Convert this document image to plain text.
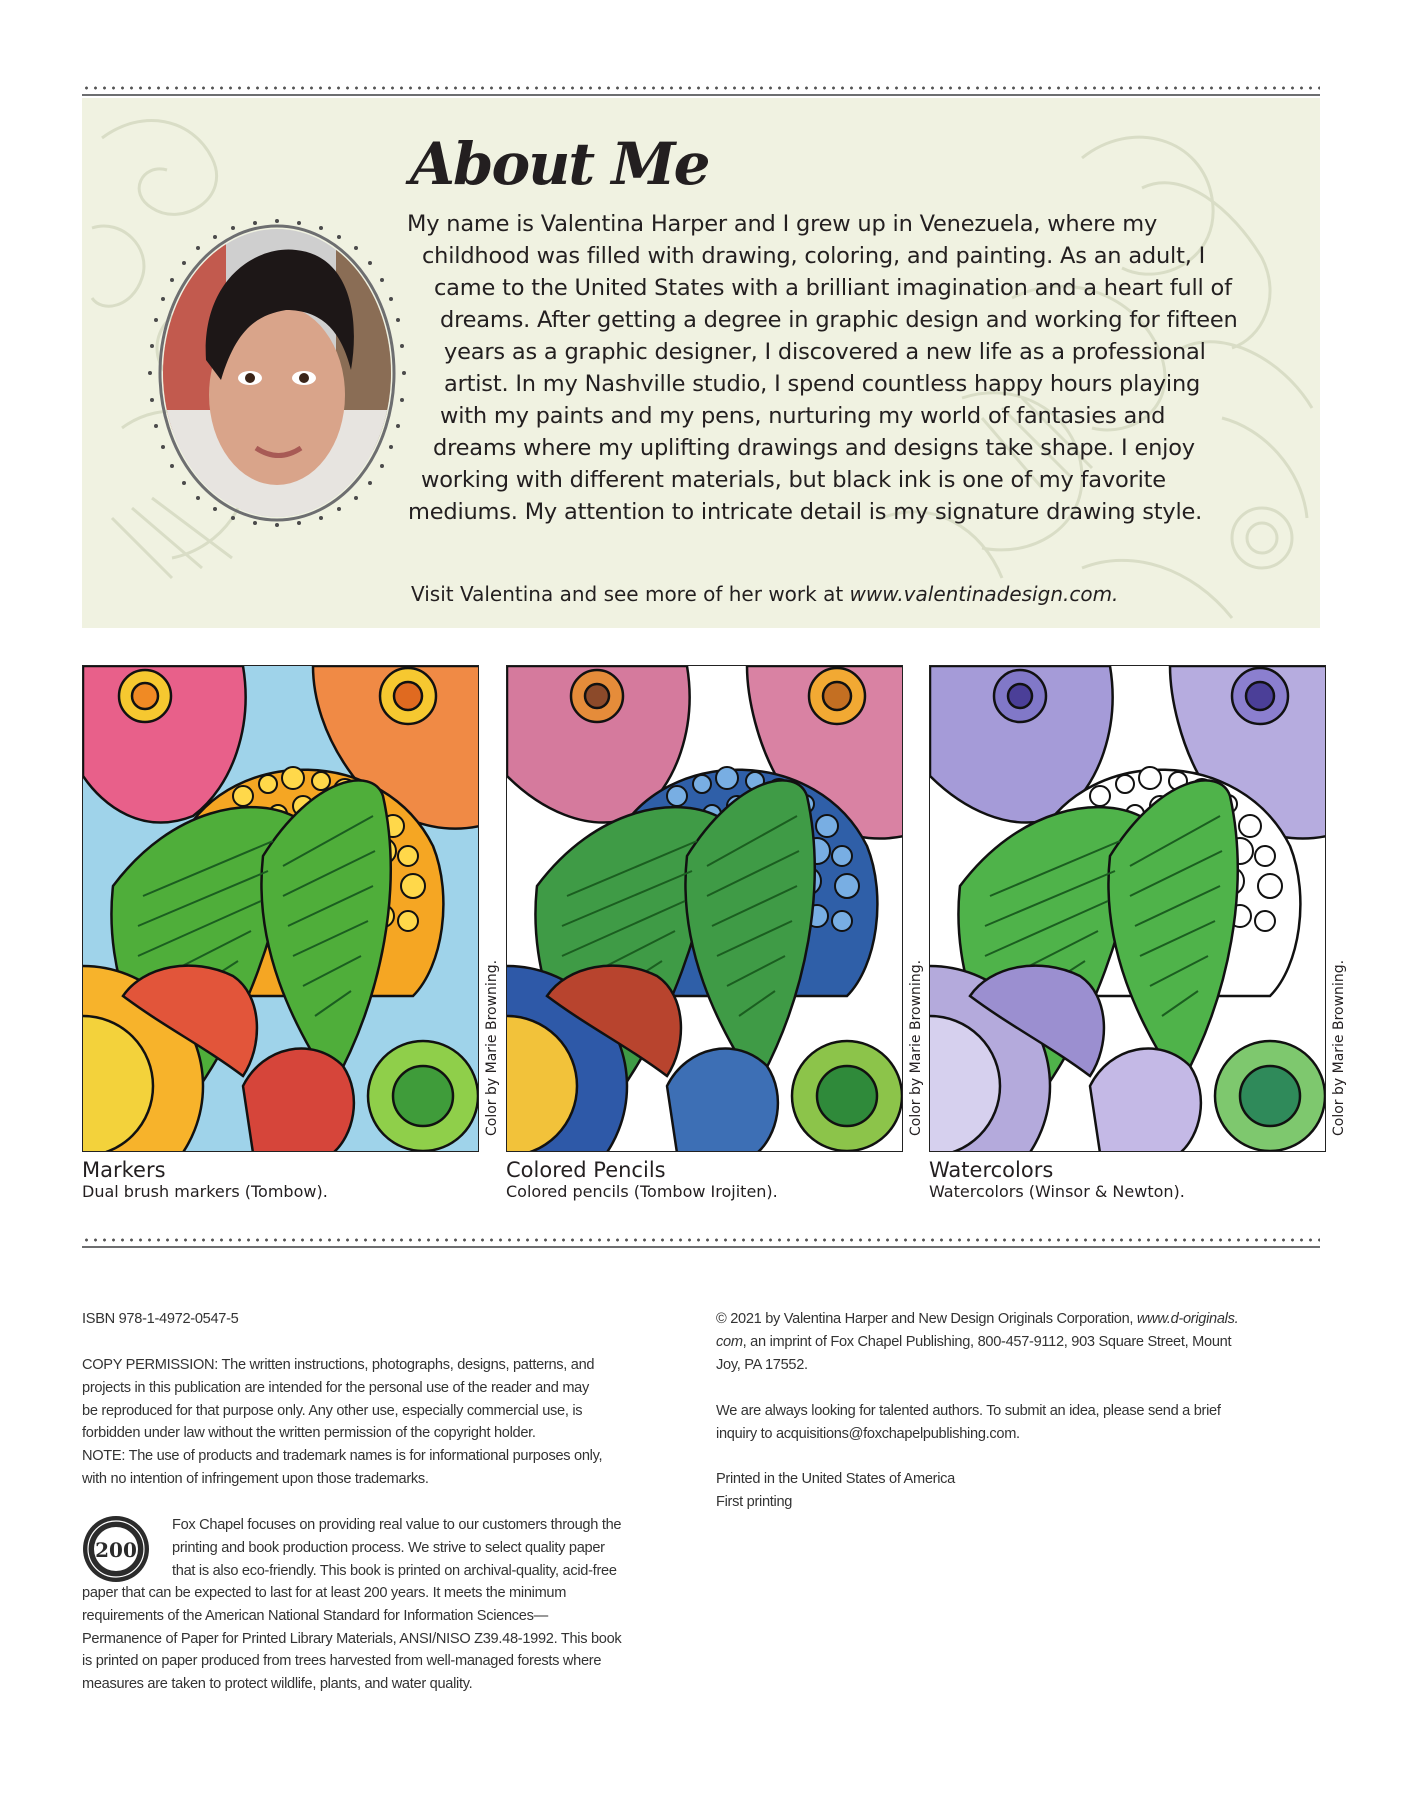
About Me
My name is Valentina Harper and I grew up in Venezuela, where my
childhood was filled with drawing, coloring, and painting. As an adult, I
came to the United States with a brilliant imagination and a heart full of
dreams. After getting a degree in graphic design and working for fifteen
years as a graphic designer, I discovered a new life as a professional
artist. In my Nashville studio, I spend countless happy hours playing
with my paints and my pens, nurturing my world of fantasies and
dreams where my uplifting drawings and designs take shape. I enjoy
working with different materials, but black ink is one of my favorite
mediums. My attention to intricate detail is my signature drawing style.
Visit Valentina and see more of her work at www.valentinadesign.com.
Color by Marie Browning.	Color by Marie Browning.	Color by Marie Browning.
Markers
Dual brush markers (Tombow).
Colored Pencils
Colored pencils (Tombow Irojiten).
Watercolors
Watercolors (Winsor & Newton).
ISBN 978-1-4972-0547-5
COPY PERMISSION: The written instructions, photographs, designs, patterns, and
projects in this publication are intended for the personal use of the reader and may
be reproduced for that purpose only. Any other use, especially commercial use, is
forbidden under law without the written permission of the copyright holder.
NOTE: The use of products and trademark names is for informational purposes only,
with no intention of infringement upon those trademarks.
200
Fox Chapel focuses on providing real value to our customers through the
printing and book production process. We strive to select quality paper
that is also eco-friendly. This book is printed on archival-quality, acid-free
paper that can be expected to last for at least 200 years. It meets the minimum
requirements of the American National Standard for Information Sciences—
Permanence of Paper for Printed Library Materials, ANSI/NISO Z39.48-1992. This book
is printed on paper produced from trees harvested from well-managed forests where
measures are taken to protect wildlife, plants, and water quality.
© 2021 by Valentina Harper and New Design Originals Corporation, www.d-originals.
com, an imprint of Fox Chapel Publishing, 800-457-9112, 903 Square Street, Mount
Joy, PA 17552.
We are always looking for talented authors. To submit an idea, please send a brief
inquiry to acquisitions@foxchapelpublishing.com.
Printed in the United States of America
First printing
